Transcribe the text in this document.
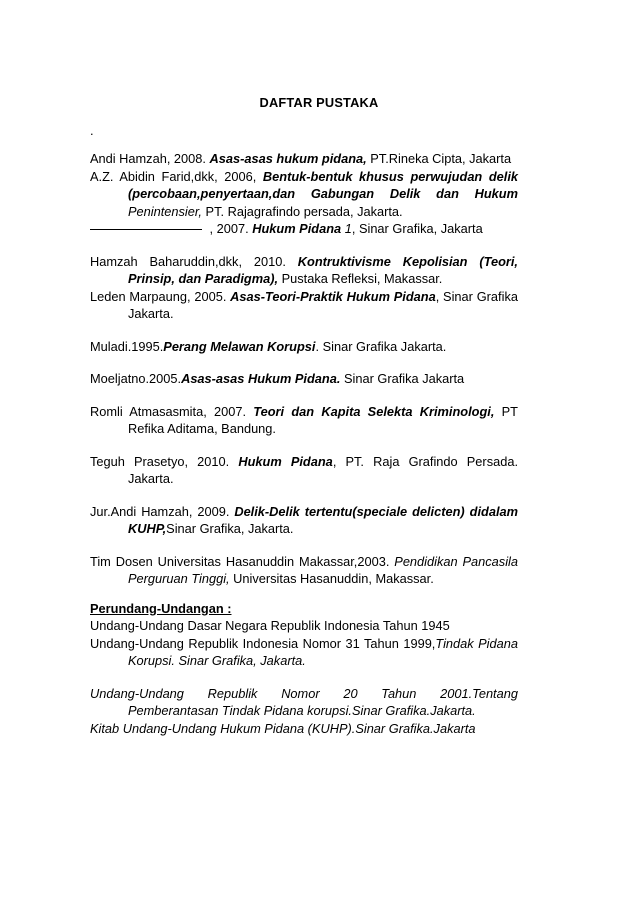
DAFTAR PUSTAKA
.
Andi Hamzah, 2008. Asas-asas hukum pidana, PT.Rineka Cipta, Jakarta
A.Z. Abidin Farid,dkk, 2006, Bentuk-bentuk khusus perwujudan delik (percobaan,penyertaan,dan Gabungan Delik dan Hukum Penintensier, PT. Rajagrafindo persada, Jakarta.
, 2007. Hukum Pidana 1, Sinar Grafika, Jakarta
Hamzah Baharuddin,dkk, 2010. Kontruktivisme Kepolisian (Teori, Prinsip, dan Paradigma), Pustaka Refleksi, Makassar.
Leden Marpaung, 2005. Asas-Teori-Praktik Hukum Pidana, Sinar Grafika Jakarta.
Muladi.1995.Perang Melawan Korupsi. Sinar Grafika Jakarta.
Moeljatno.2005.Asas-asas Hukum Pidana. Sinar Grafika Jakarta
Romli Atmasasmita, 2007. Teori dan Kapita Selekta Kriminologi, PT Refika Aditama, Bandung.
Teguh Prasetyo, 2010. Hukum Pidana, PT. Raja Grafindo Persada. Jakarta.
Jur.Andi Hamzah, 2009. Delik-Delik tertentu(speciale delicten) didalam KUHP,Sinar Grafika, Jakarta.
Tim Dosen Universitas Hasanuddin Makassar,2003. Pendidikan Pancasila Perguruan Tinggi, Universitas Hasanuddin, Makassar.
Perundang-Undangan :
Undang-Undang Dasar Negara Republik Indonesia Tahun 1945
Undang-Undang Republik Indonesia Nomor 31 Tahun 1999,Tindak Pidana Korupsi. Sinar Grafika, Jakarta.
Undang-Undang Republik Nomor 20 Tahun 2001.Tentang
Pemberantasan Tindak Pidana korupsi.Sinar Grafika.Jakarta.
Kitab Undang-Undang Hukum Pidana (KUHP).Sinar Grafika.Jakarta
